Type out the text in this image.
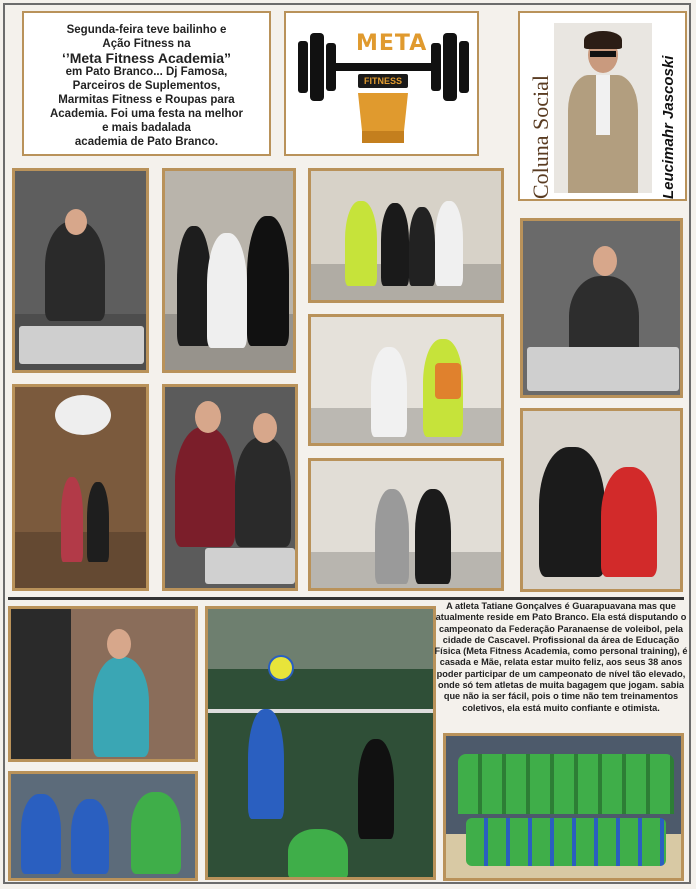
Segunda-feira teve bailinho e
Ação Fitness na
‘’Meta Fitness Academia”
em Pato Branco... Dj Famosa,
Parceiros de Suplementos,
Marmitas Fitness e Roupas para
Academia. Foi uma festa na melhor
e mais badalada
academia de Pato Branco.
META
FITNESS	Coluna Social	Leucimahr Jascoski
A atleta Tatiane Gonçalves é Guarapuavana mas que atualmente reside em Pato Branco. Ela está disputando o campeonato da Federação Paranaense de voleibol, pela cidade de Cascavel. Profissional da área de Educação Física (Meta Fitness Academia, como personal training), é casada e Mãe, relata estar muito feliz, aos seus 38 anos poder participar de um campeonato de nível tão elevado, onde só tem atletas de muita bagagem que jogam. sabia que não ia ser fácil, pois o time não tem treinamentos coletivos, ela está muito confiante e otimista.
